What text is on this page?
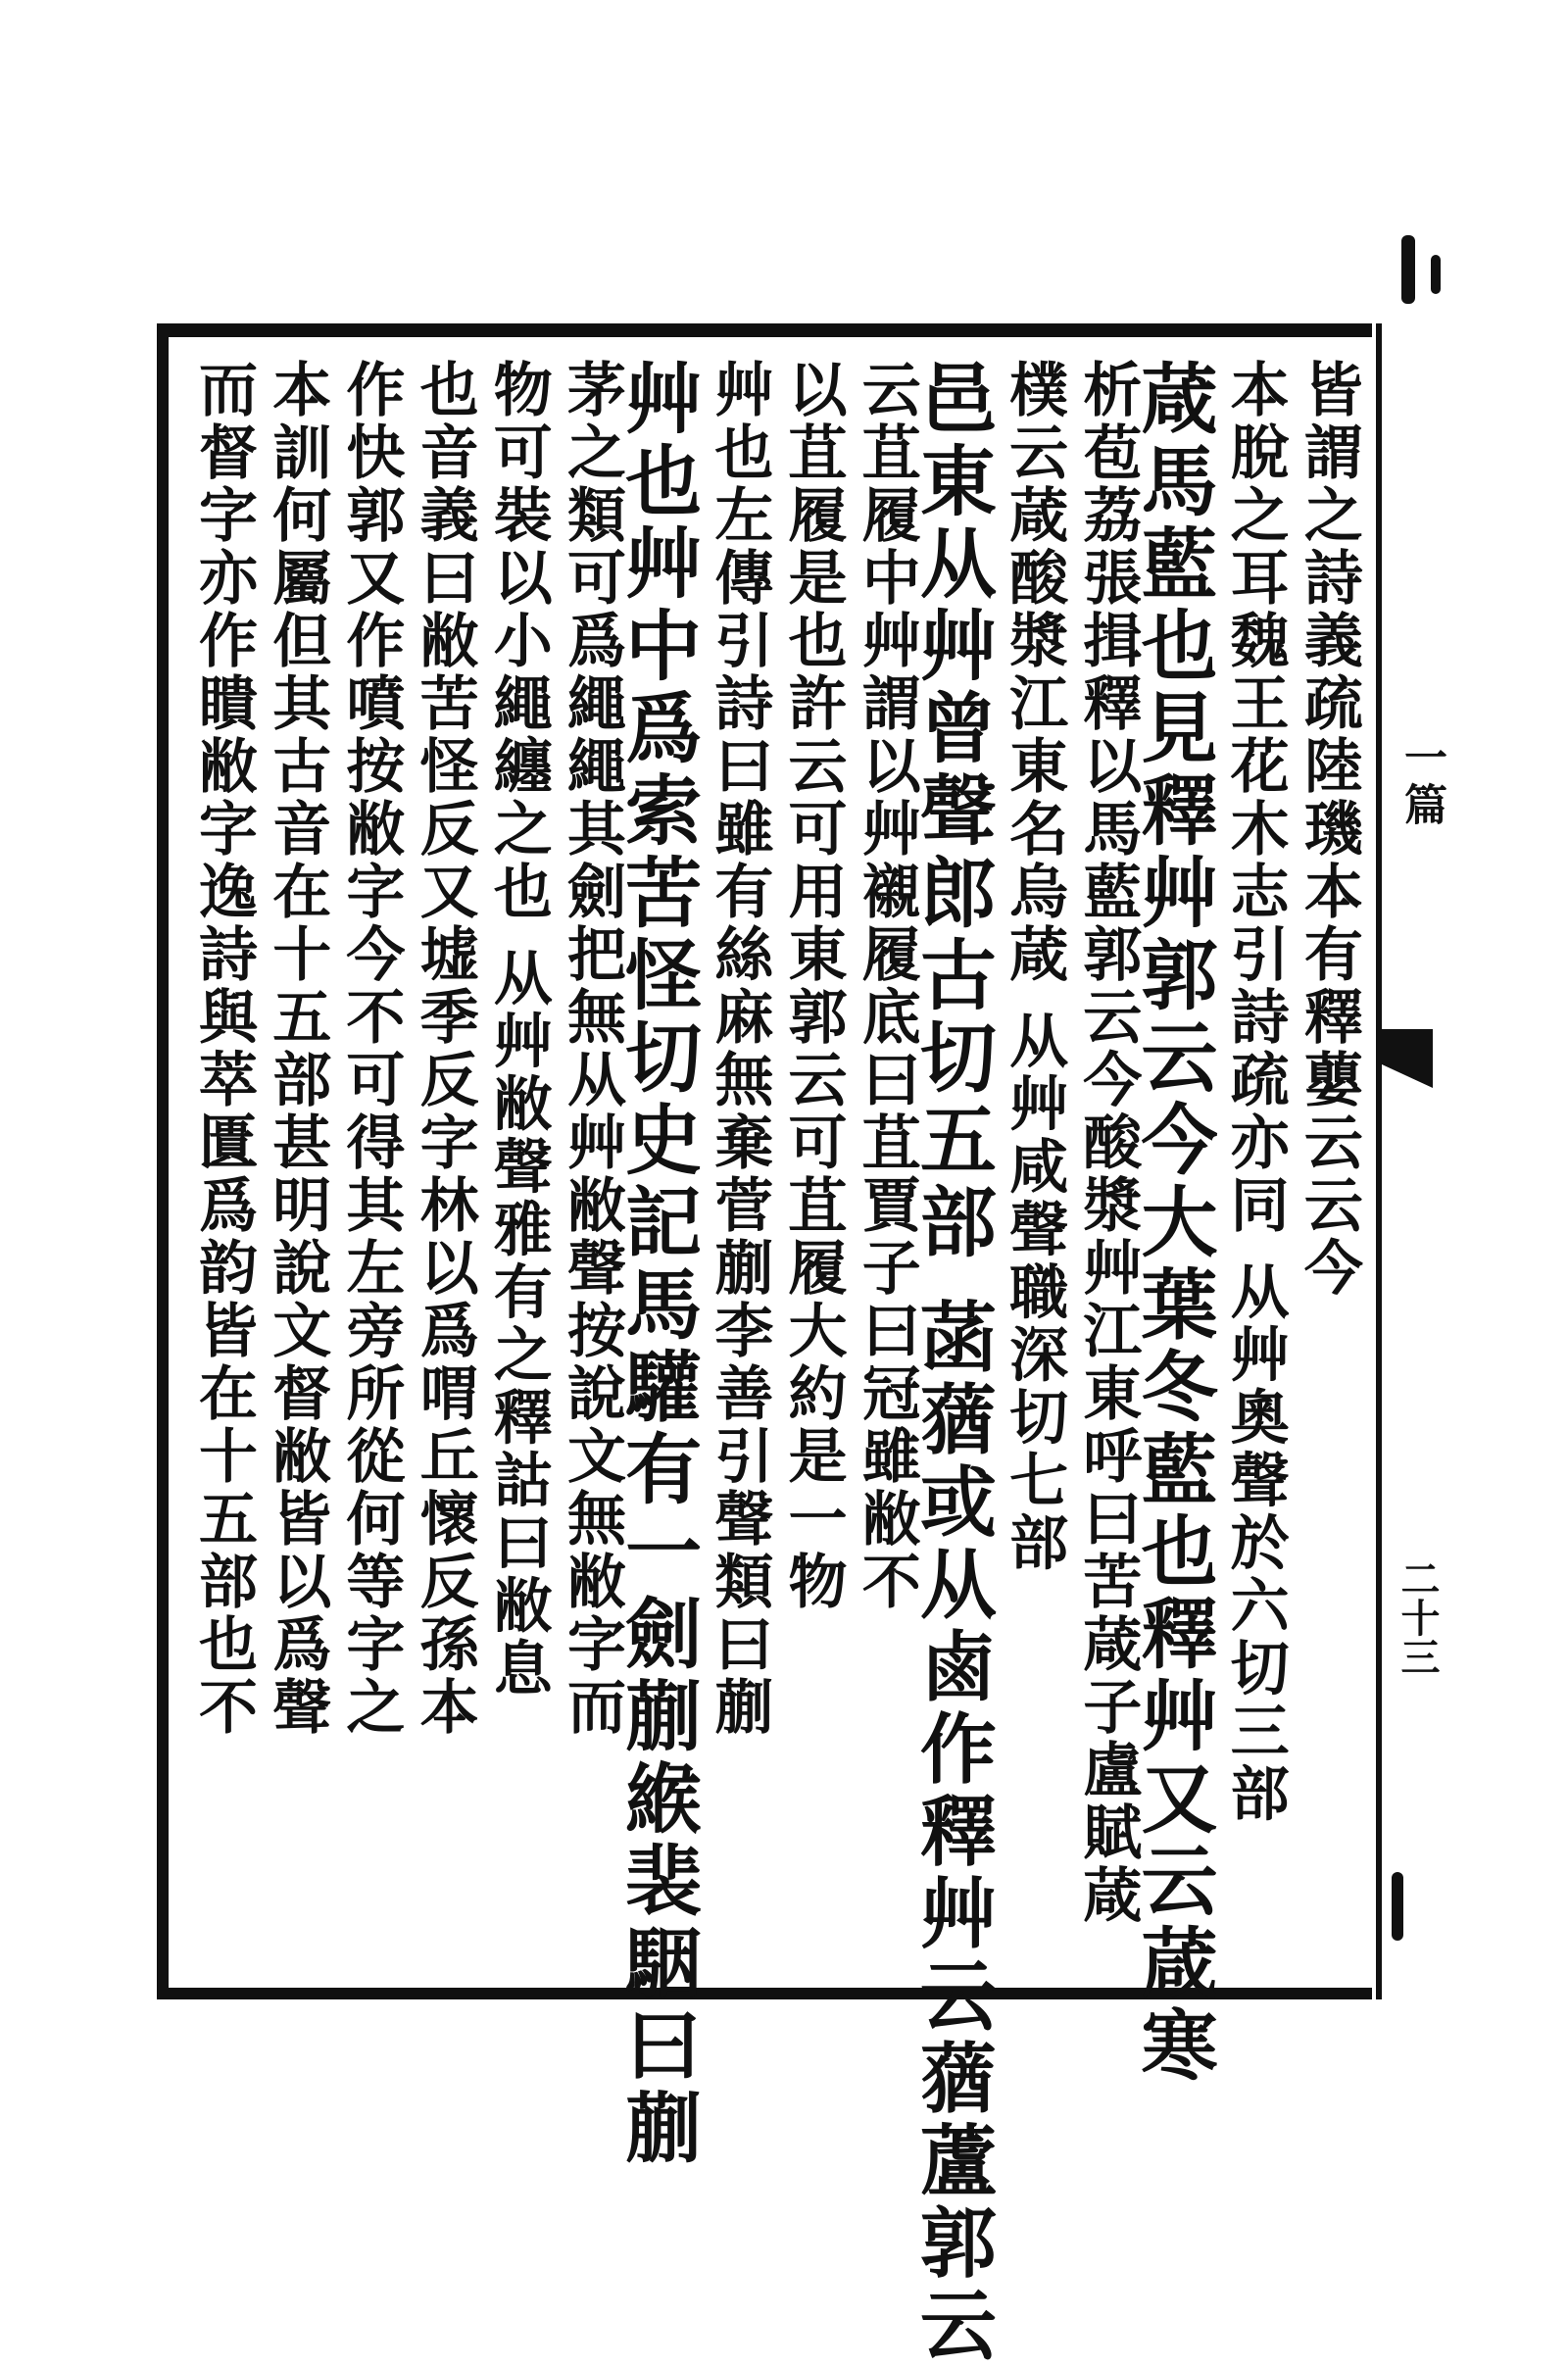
皆謂之詩義疏陸璣本有釋蘡云云今
本脫之耳魏王花木志引詩疏亦同 从艸奧聲於六切三部
葴馬藍也見釋艸郭云今大葉冬藍也釋艸又云葴寒
析苞荔張揖釋以馬藍郭云今酸漿艸江東呼曰苦葴子盧賦葴
樸云葴酸漿江東名烏葴 从艸咸聲職深切七部
邑東从艸曾聲郎古切五部 菡蕕或从鹵作釋艸云蕕蘆郭云
云苴履中艸謂以艸襯履底曰苴賈子曰冠雖敝不
以苴履是也許云可用東郭云可苴履大約是一物
艸也左傳引詩曰雖有絲麻無棄菅蒯李善引聲類曰蒯
艸也艸中爲索苦怪切史記馬驩有一劍蒯緱裴駰曰蒯
茅之類可爲繩繩其劍把無从艸敝聲按說文無敝字而
物可裝以小繩纏之也 从艸敝聲雅有之釋詁曰敝息
也音義曰敝苦怪反又墟季反字林以爲喟丘懷反孫本
作快郭又作噴按敝字今不可得其左旁所從何等字之
本訓何屬但其古音在十五部甚明說文督敝皆以爲聲
而督字亦作瞶敝字逸詩與萃匱爲韵皆在十五部也不	一篇
二十三
